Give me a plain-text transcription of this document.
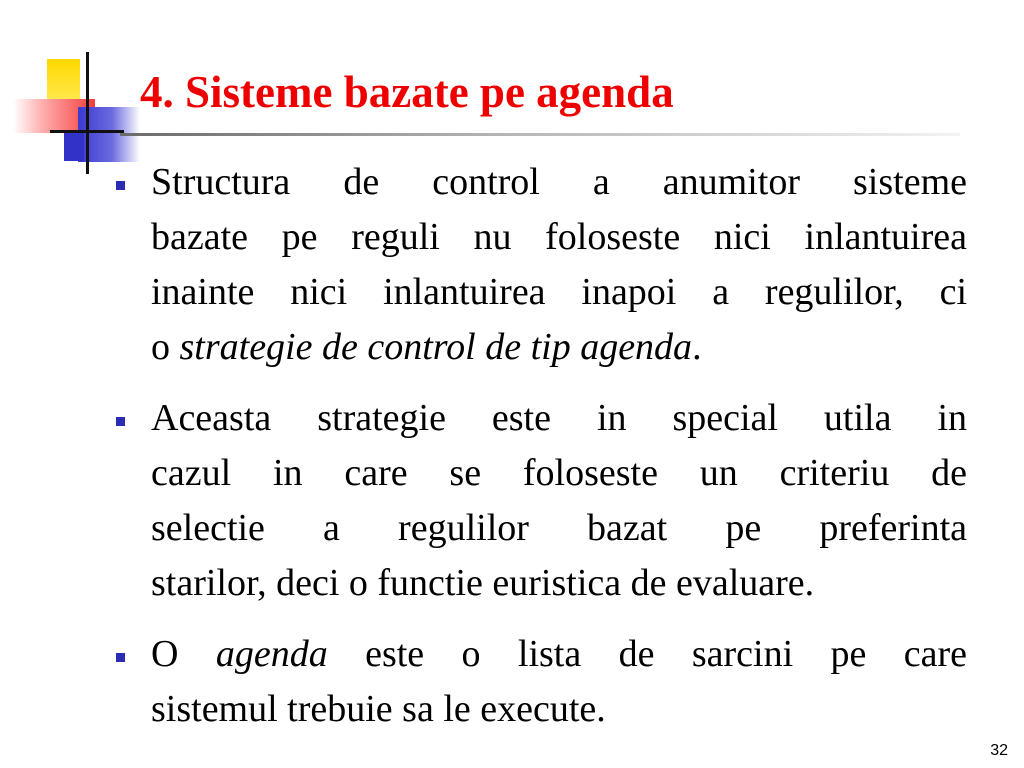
4. Sisteme bazate pe agenda
Structura de control a anumitor sisteme
bazate pe reguli nu foloseste nici inlantuirea
inainte nici inlantuirea inapoi a regulilor, ci
o strategie de control de tip agenda.
Aceasta strategie este in special utila in
cazul in care se foloseste un criteriu de
selectie a regulilor bazat pe preferinta
starilor, deci o functie euristica de evaluare.
O agenda este o lista de sarcini pe care
sistemul trebuie sa le execute.
32
